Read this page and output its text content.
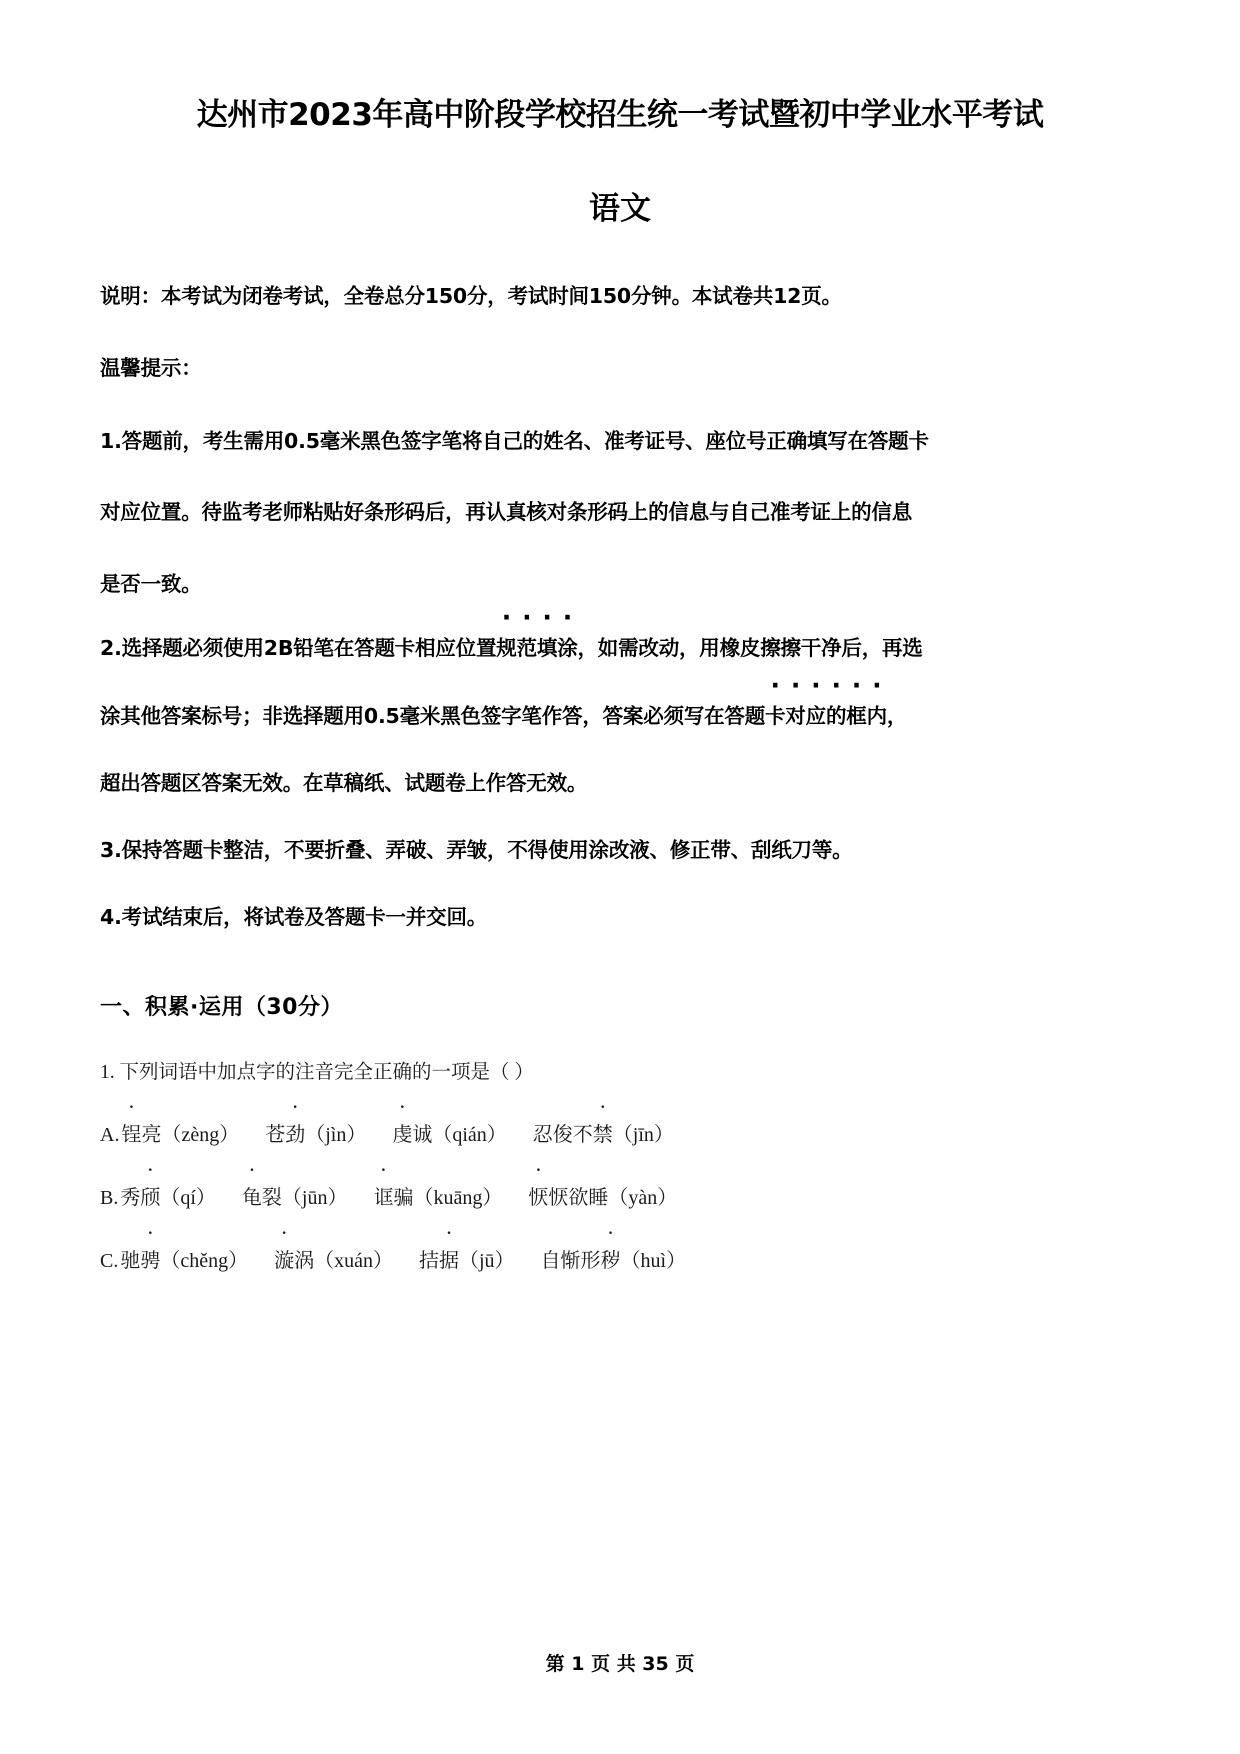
达州市2023年高中阶段学校招生统一考试暨初中学业水平考试
语文

说明：本考试为闭卷考试，全卷总分150分，考试时间150分钟。本试卷共12页。

温馨提示：

1.答题前，考生需用0.5毫米黑色签字笔将自己的姓名、准考证号、座位号正确填写在答题卡

对应位置。待监考老师粘贴好条形码后，再认真核对条形码上的信息与自己准考证上的信息

是否一致。

2.选择题必须使用2B铅笔在答题卡相应位置规范填涂，如需改动，用橡皮擦擦干净后，再选

涂其他答案标号；非选择题用0.5毫米黑色签字笔作答，答案必须写在答题卡对应的框内，

超出答题区答案无效。在草稿纸、试题卷上作答无效。

3.保持答题卡整洁，不要折叠、弄破、弄皱，不得使用涂改液、修正带、刮纸刀等。

4.考试结束后，将试卷及答题卡一并交回。

一、积累·运用（30分）

1. 下列词语中加点字的注音完全正确的一项是（ ）

A. 锃亮（zèng） 苍劲（jìn） 虔诚（qián） 忍俊不禁（jīn）

B. 秀颀（qí） 龟裂（jūn） 诓骗（kuāng） 恹恹欲睡（yàn）

C. 驰骋（chěng） 漩涡（xuán） 拮据（jū） 自惭形秽（huì）

第 1 页 共 35 页
